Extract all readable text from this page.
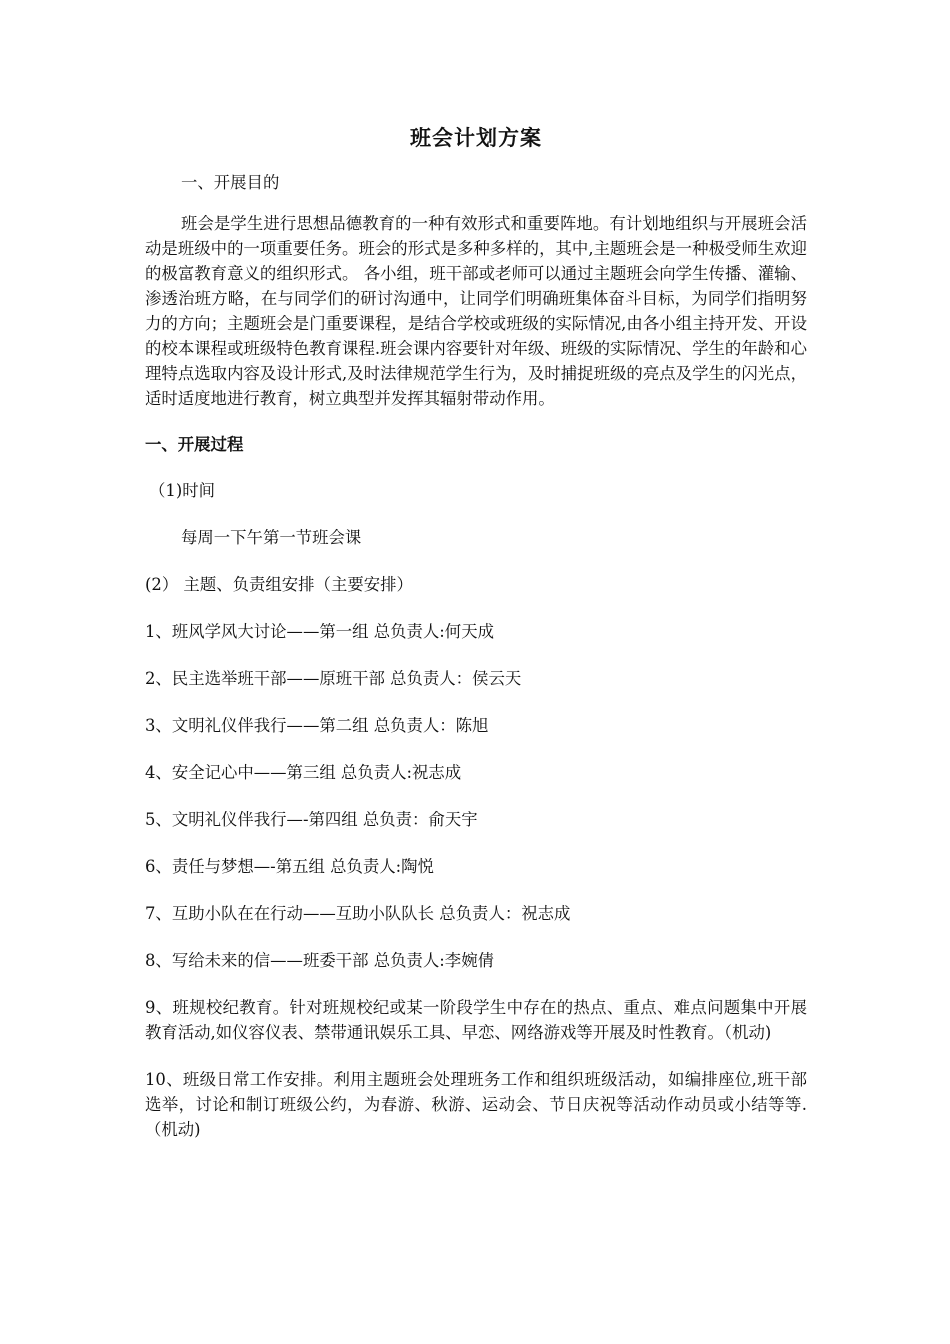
班会计划方案

一、开展目的

班会是学生进行思想品德教育的一种有效形式和重要阵地。有计划地组织与开展班会活动是班级中的一项重要任务。班会的形式是多种多样的，其中,主题班会是一种极受师生欢迎的极富教育意义的组织形式。 各小组，班干部或老师可以通过主题班会向学生传播、灌输、渗透治班方略，在与同学们的研讨沟通中，让同学们明确班集体奋斗目标，为同学们指明努力的方向；主题班会是门重要课程，是结合学校或班级的实际情况,由各小组主持开发、开设的校本课程或班级特色教育课程.班会课内容要针对年级、班级的实际情况、学生的年龄和心理特点选取内容及设计形式,及时法律规范学生行为，及时捕捉班级的亮点及学生的闪光点，适时适度地进行教育，树立典型并发挥其辐射带动作用。

一、开展过程

（1)时间

每周一下午第一节班会课

(2） 主题、负责组安排（主要安排）

1、班风学风大讨论——第一组 总负责人:何天成

2、民主选举班干部——原班干部 总负责人：侯云天

3、文明礼仪伴我行——第二组 总负责人：陈旭

4、安全记心中——第三组 总负责人:祝志成

5、文明礼仪伴我行—-第四组 总负责：俞天宇

6、责任与梦想—-第五组 总负责人:陶悦

7、互助小队在在行动——互助小队队长 总负责人：祝志成

8、写给未来的信——班委干部 总负责人:李婉倩

9、班规校纪教育。针对班规校纪或某一阶段学生中存在的热点、重点、难点问题集中开展教育活动,如仪容仪表、禁带通讯娱乐工具、早恋、网络游戏等开展及时性教育。（机动)

10、班级日常工作安排。利用主题班会处理班务工作和组织班级活动，如编排座位,班干部选举，讨论和制订班级公约，为春游、秋游、运动会、节日庆祝等活动作动员或小结等等.（机动)
